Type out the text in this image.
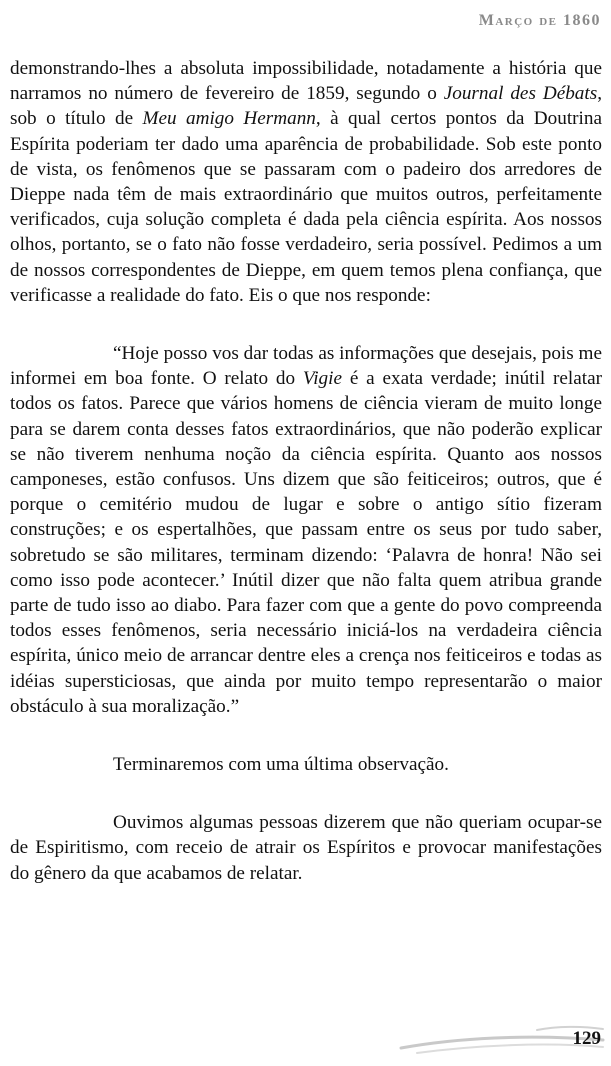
Março de 1860

demonstrando-lhes a absoluta impossibilidade, notadamente a história que narramos no número de fevereiro de 1859, segundo o Journal des Débats, sob o título de Meu amigo Hermann, à qual certos pontos da Doutrina Espírita poderiam ter dado uma aparência de probabilidade. Sob este ponto de vista, os fenômenos que se passaram com o padeiro dos arredores de Dieppe nada têm de mais extraordinário que muitos outros, perfeitamente verificados, cuja solução completa é dada pela ciência espírita. Aos nossos olhos, portanto, se o fato não fosse verdadeiro, seria possível. Pedimos a um de nossos correspondentes de Dieppe, em quem temos plena confiança, que verificasse a realidade do fato. Eis o que nos responde:

“Hoje posso vos dar todas as informações que desejais, pois me informei em boa fonte. O relato do Vigie é a exata verdade; inútil relatar todos os fatos. Parece que vários homens de ciência vieram de muito longe para se darem conta desses fatos extraordinários, que não poderão explicar se não tiverem nenhuma noção da ciência espírita. Quanto aos nossos camponeses, estão confusos. Uns dizem que são feiticeiros; outros, que é porque o cemitério mudou de lugar e sobre o antigo sítio fizeram construções; e os espertalhões, que passam entre os seus por tudo saber, sobretudo se são militares, terminam dizendo: ‘Palavra de honra! Não sei como isso pode acontecer.’ Inútil dizer que não falta quem atribua grande parte de tudo isso ao diabo. Para fazer com que a gente do povo compreenda todos esses fenômenos, seria necessário iniciá-los na verdadeira ciência espírita, único meio de arrancar dentre eles a crença nos feiticeiros e todas as idéias supersticiosas, que ainda por muito tempo representarão o maior obstáculo à sua moralização.”

Terminaremos com uma última observação.

Ouvimos algumas pessoas dizerem que não queriam ocupar-se de Espiritismo, com receio de atrair os Espíritos e provocar manifestações do gênero da que acabamos de relatar.

129
